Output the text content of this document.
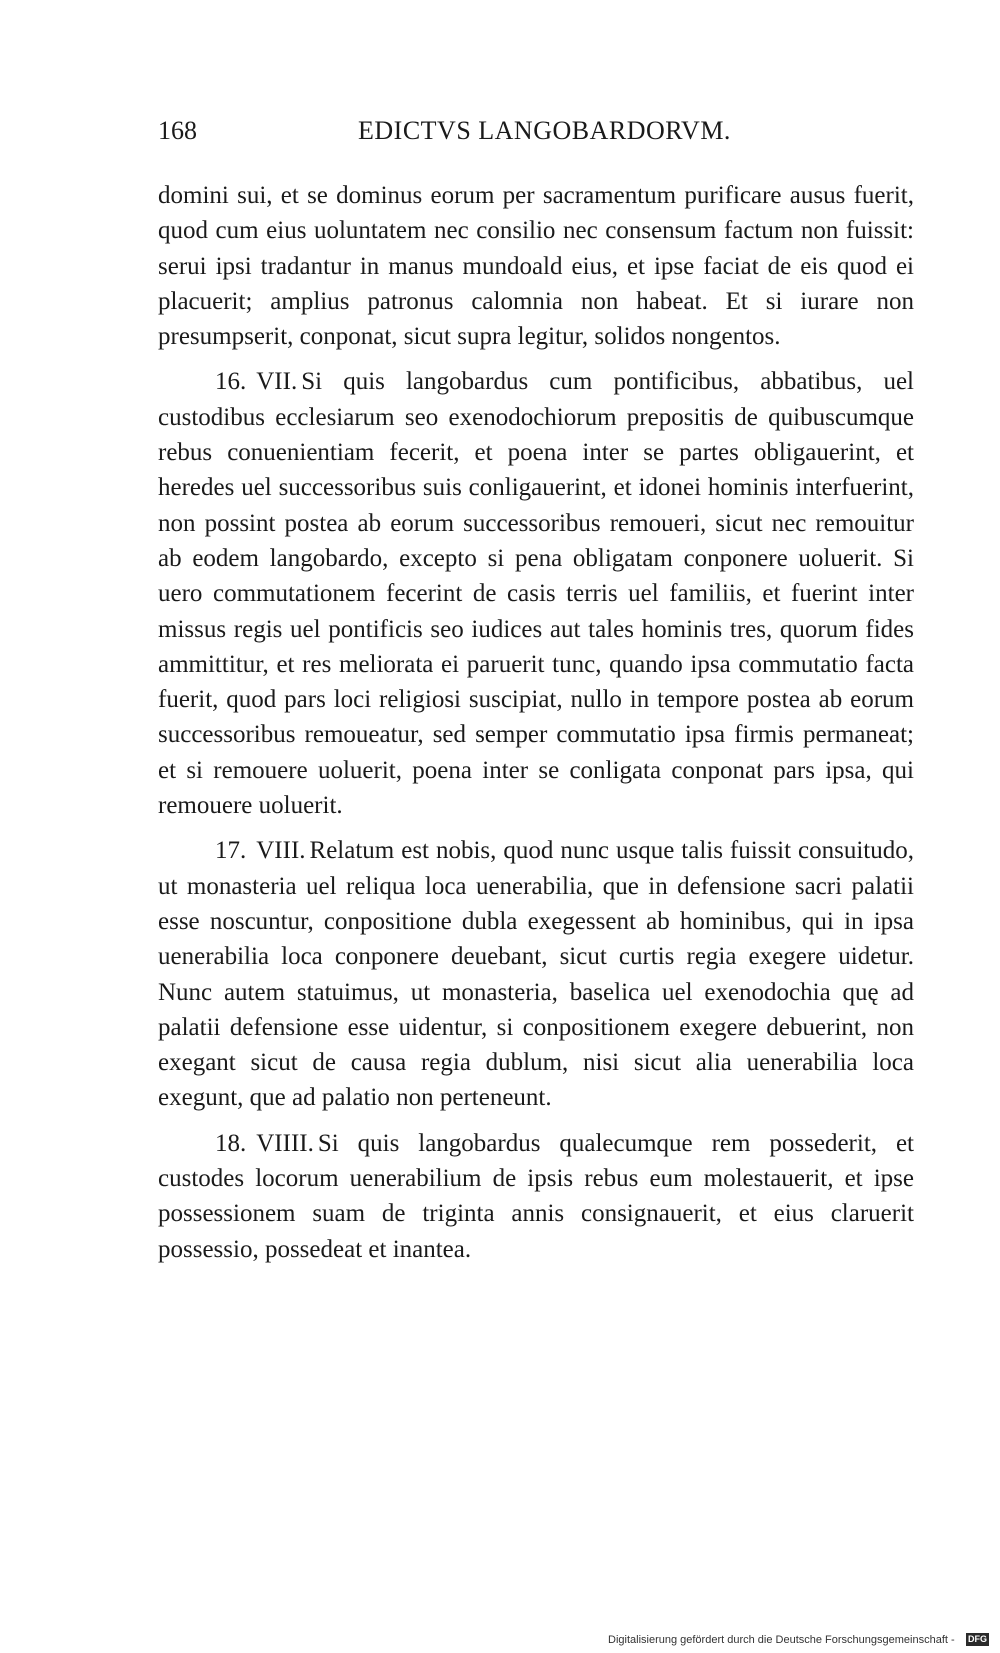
168	EDICTVS LANGOBARDORVM.

domini sui, et se dominus eorum per sacramentum purificare ausus fuerit, quod cum eius uoluntatem nec consilio nec consensum factum non fuissit: serui ipsi tradantur in manus mundoald eius, et ipse faciat de eis quod ei placuerit; amplius patronus calomnia non habeat. Et si iurare non presumpserit, conponat, sicut supra legitur, solidos nongentos.

16. VII. Si quis langobardus cum pontificibus, abbatibus, uel custodibus ecclesiarum seo exenodochiorum prepositis de quibuscumque rebus conuenientiam fecerit, et poena inter se partes obligauerint, et heredes uel successoribus suis conligauerint, et idonei hominis interfuerint, non possint postea ab eorum successoribus remoueri, sicut nec remouitur ab eodem langobardo, excepto si pena obligatam conponere uoluerit. Si uero commutationem fecerint de casis terris uel familiis, et fuerint inter missus regis uel pontificis seo iudices aut tales hominis tres, quorum fides ammittitur, et res meliorata ei paruerit tunc, quando ipsa commutatio facta fuerit, quod pars loci religiosi suscipiat, nullo in tempore postea ab eorum successoribus remoueatur, sed semper commutatio ipsa firmis permaneat; et si remouere uoluerit, poena inter se conligata conponat pars ipsa, qui remouere uoluerit.

17. VIII. Relatum est nobis, quod nunc usque talis fuissit consuitudo, ut monasteria uel reliqua loca uenerabilia, que in defensione sacri palatii esse noscuntur, conpositione dubla exegessent ab hominibus, qui in ipsa uenerabilia loca conponere deuebant, sicut curtis regia exegere uidetur. Nunc autem statuimus, ut monasteria, baselica uel exenodochia quę ad palatii defensione esse uidentur, si conpositionem exegere debuerint, non exegant sicut de causa regia dublum, nisi sicut alia uenerabilia loca exegunt, que ad palatio non perteneunt.

18. VIIII. Si quis langobardus qualecumque rem possederit, et custodes locorum uenerabilium de ipsis rebus eum molestauerit, et ipse possessionem suam de triginta annis consignauerit, et eius claruerit possessio, possedeat et inantea.

Digitalisierung gefördert durch die Deutsche Forschungsgemeinschaft - DFG
